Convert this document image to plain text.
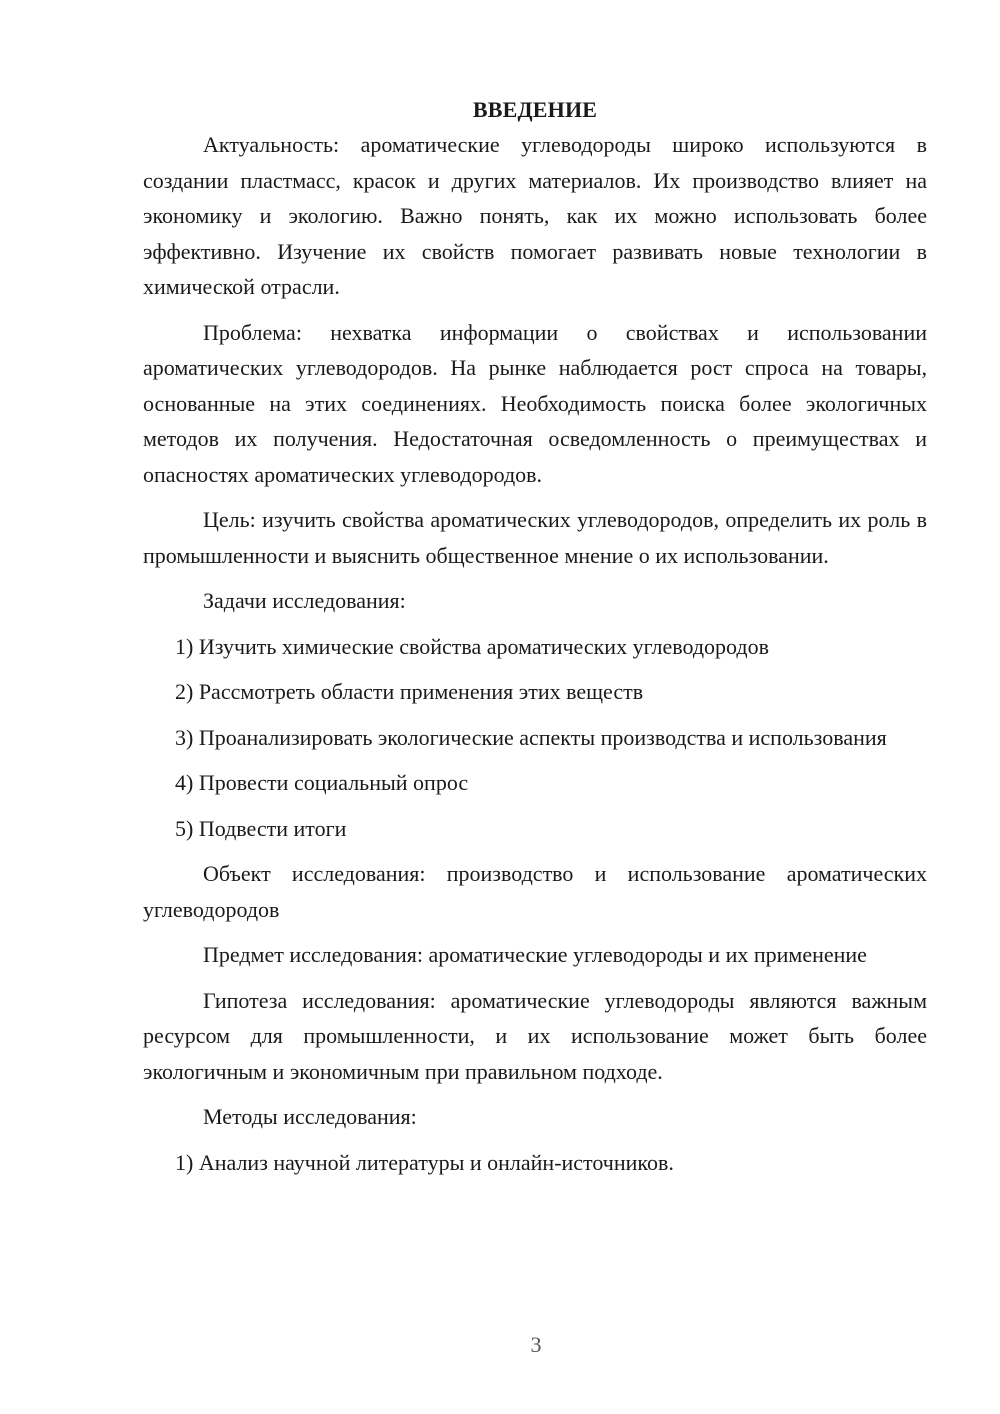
ВВЕДЕНИЕ

Актуальность: ароматические углеводороды широко используются в создании пластмасс, красок и других материалов. Их производство влияет на экономику и экологию. Важно понять, как их можно использовать более эффективно. Изучение их свойств помогает развивать новые технологии в химической отрасли.

Проблема: нехватка информации о свойствах и использовании ароматических углеводородов. На рынке наблюдается рост спроса на товары, основанные на этих соединениях. Необходимость поиска более экологичных методов их получения. Недостаточная осведомленность о преимуществах и опасностях ароматических углеводородов.

Цель: изучить свойства ароматических углеводородов, определить их роль в промышленности и выяснить общественное мнение о их использовании.

Задачи исследования:

1) Изучить химические свойства ароматических углеводородов

2) Рассмотреть области применения этих веществ

3) Проанализировать экологические аспекты производства и использования

4) Провести социальный опрос

5) Подвести итоги

Объект исследования: производство и использование ароматических углеводородов

Предмет исследования: ароматические углеводороды и их применение

Гипотеза исследования: ароматические углеводороды являются важным ресурсом для промышленности, и их использование может быть более экологичным и экономичным при правильном подходе.

Методы исследования:

1) Анализ научной литературы и онлайн-источников.

3
